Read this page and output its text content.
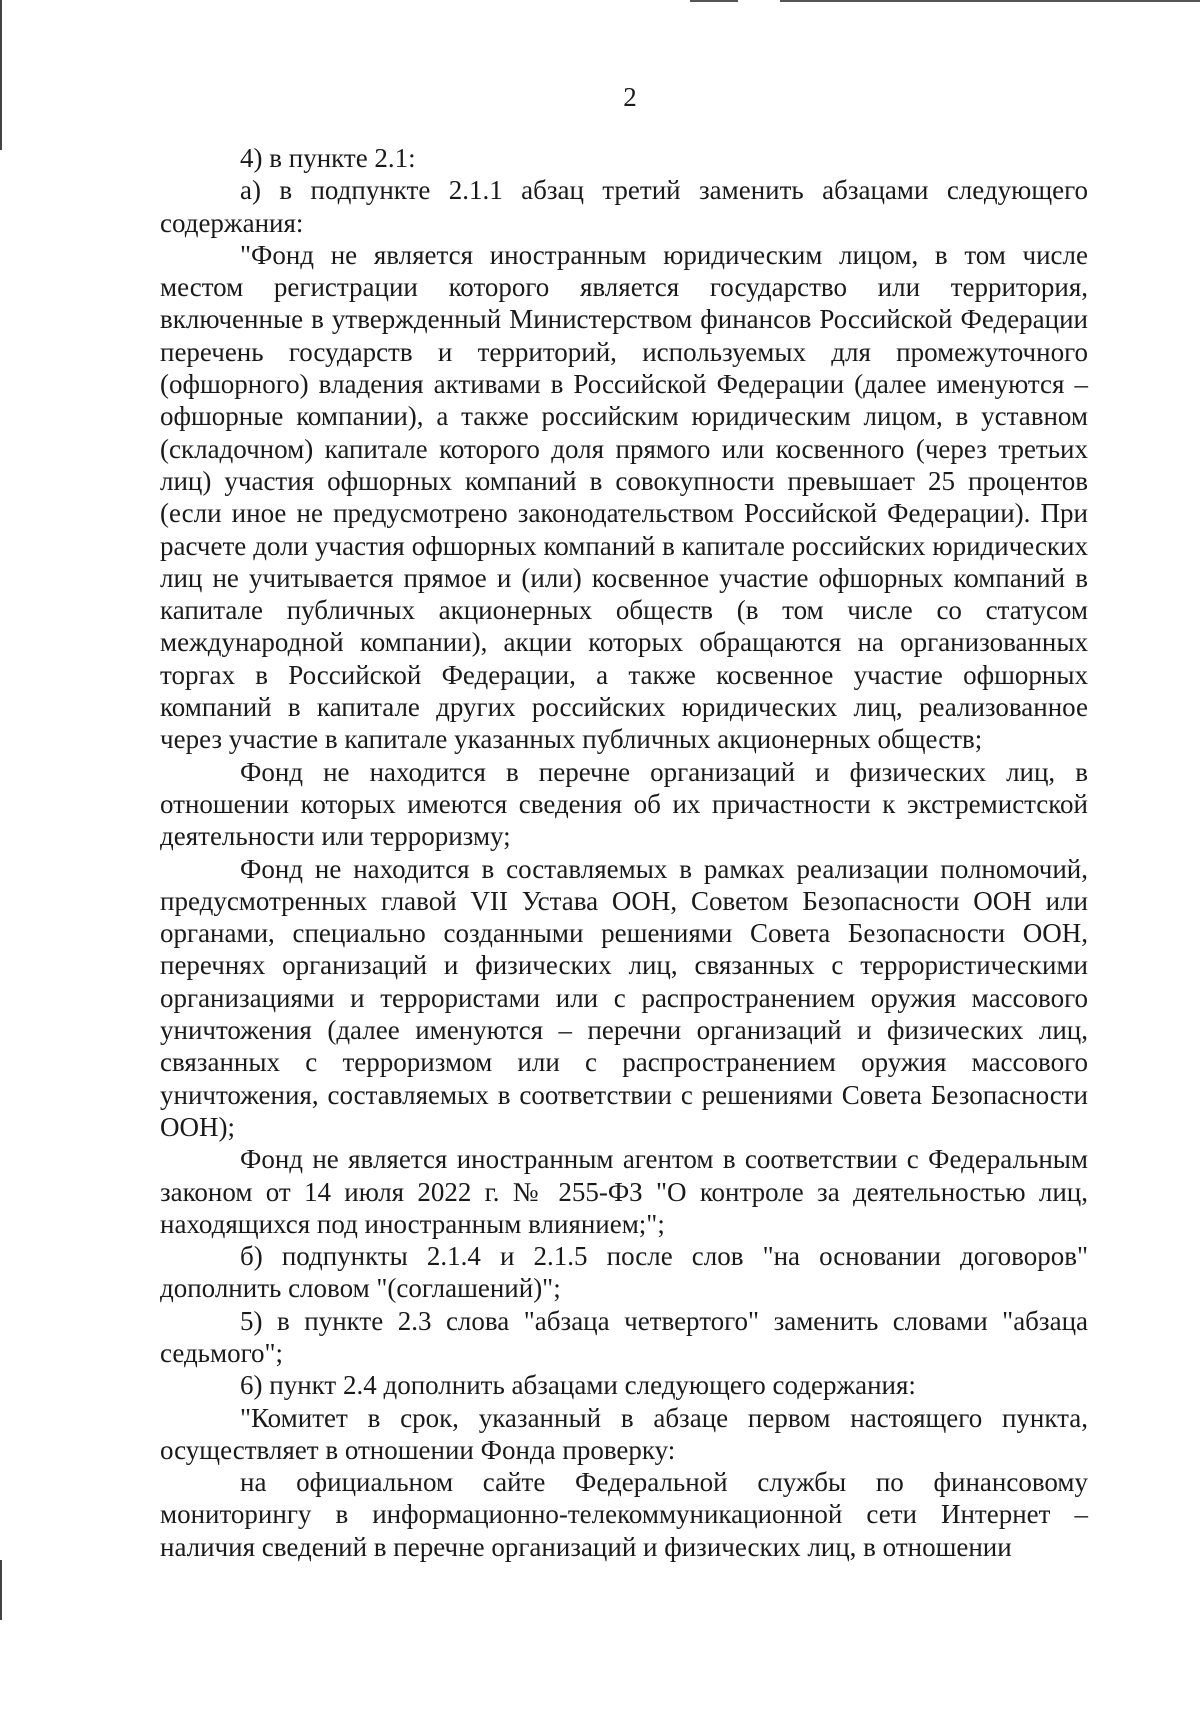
2

4) в пункте 2.1:

а) в подпункте 2.1.1 абзац третий заменить абзацами следующего содержания:

"Фонд не является иностранным юридическим лицом, в том числе местом регистрации которого является государство или территория, включенные в утвержденный Министерством финансов Российской Федерации перечень государств и территорий, используемых для промежуточного (офшорного) владения активами в Российской Федерации (далее именуются – офшорные компании), а также российским юридическим лицом, в уставном (складочном) капитале которого доля прямого или косвенного (через третьих лиц) участия офшорных компаний в совокупности превышает 25 процентов (если иное не предусмотрено законодательством Российской Федерации). При расчете доли участия офшорных компаний в капитале российских юридических лиц не учитывается прямое и (или) косвенное участие офшорных компаний в капитале публичных акционерных обществ (в том числе со статусом международной компании), акции которых обращаются на организованных торгах в Российской Федерации, а также косвенное участие офшорных компаний в капитале других российских юридических лиц, реализованное через участие в капитале указанных публичных акционерных обществ;

Фонд не находится в перечне организаций и физических лиц, в отношении которых имеются сведения об их причастности к экстремистской деятельности или терроризму;

Фонд не находится в составляемых в рамках реализации полномочий, предусмотренных главой VII Устава ООН, Советом Безопасности ООН или органами, специально созданными решениями Совета Безопасности ООН, перечнях организаций и физических лиц, связанных с террористическими организациями и террористами или с распространением оружия массового уничтожения (далее именуются – перечни организаций и физических лиц, связанных с терроризмом или с распространением оружия массового уничтожения, составляемых в соответствии с решениями Совета Безопасности ООН);

Фонд не является иностранным агентом в соответствии с Федеральным законом от 14 июля 2022 г. № 255-ФЗ "О контроле за деятельностью лиц, находящихся под иностранным влиянием;";

б) подпункты 2.1.4 и 2.1.5 после слов "на основании договоров" дополнить словом "(соглашений)";

5) в пункте 2.3 слова "абзаца четвертого" заменить словами "абзаца седьмого";

6) пункт 2.4 дополнить абзацами следующего содержания:

"Комитет в срок, указанный в абзаце первом настоящего пункта, осуществляет в отношении Фонда проверку:

на официальном сайте Федеральной службы по финансовому мониторингу в информационно-телекоммуникационной сети Интернет – наличия сведений в перечне организаций и физических лиц, в отношении
